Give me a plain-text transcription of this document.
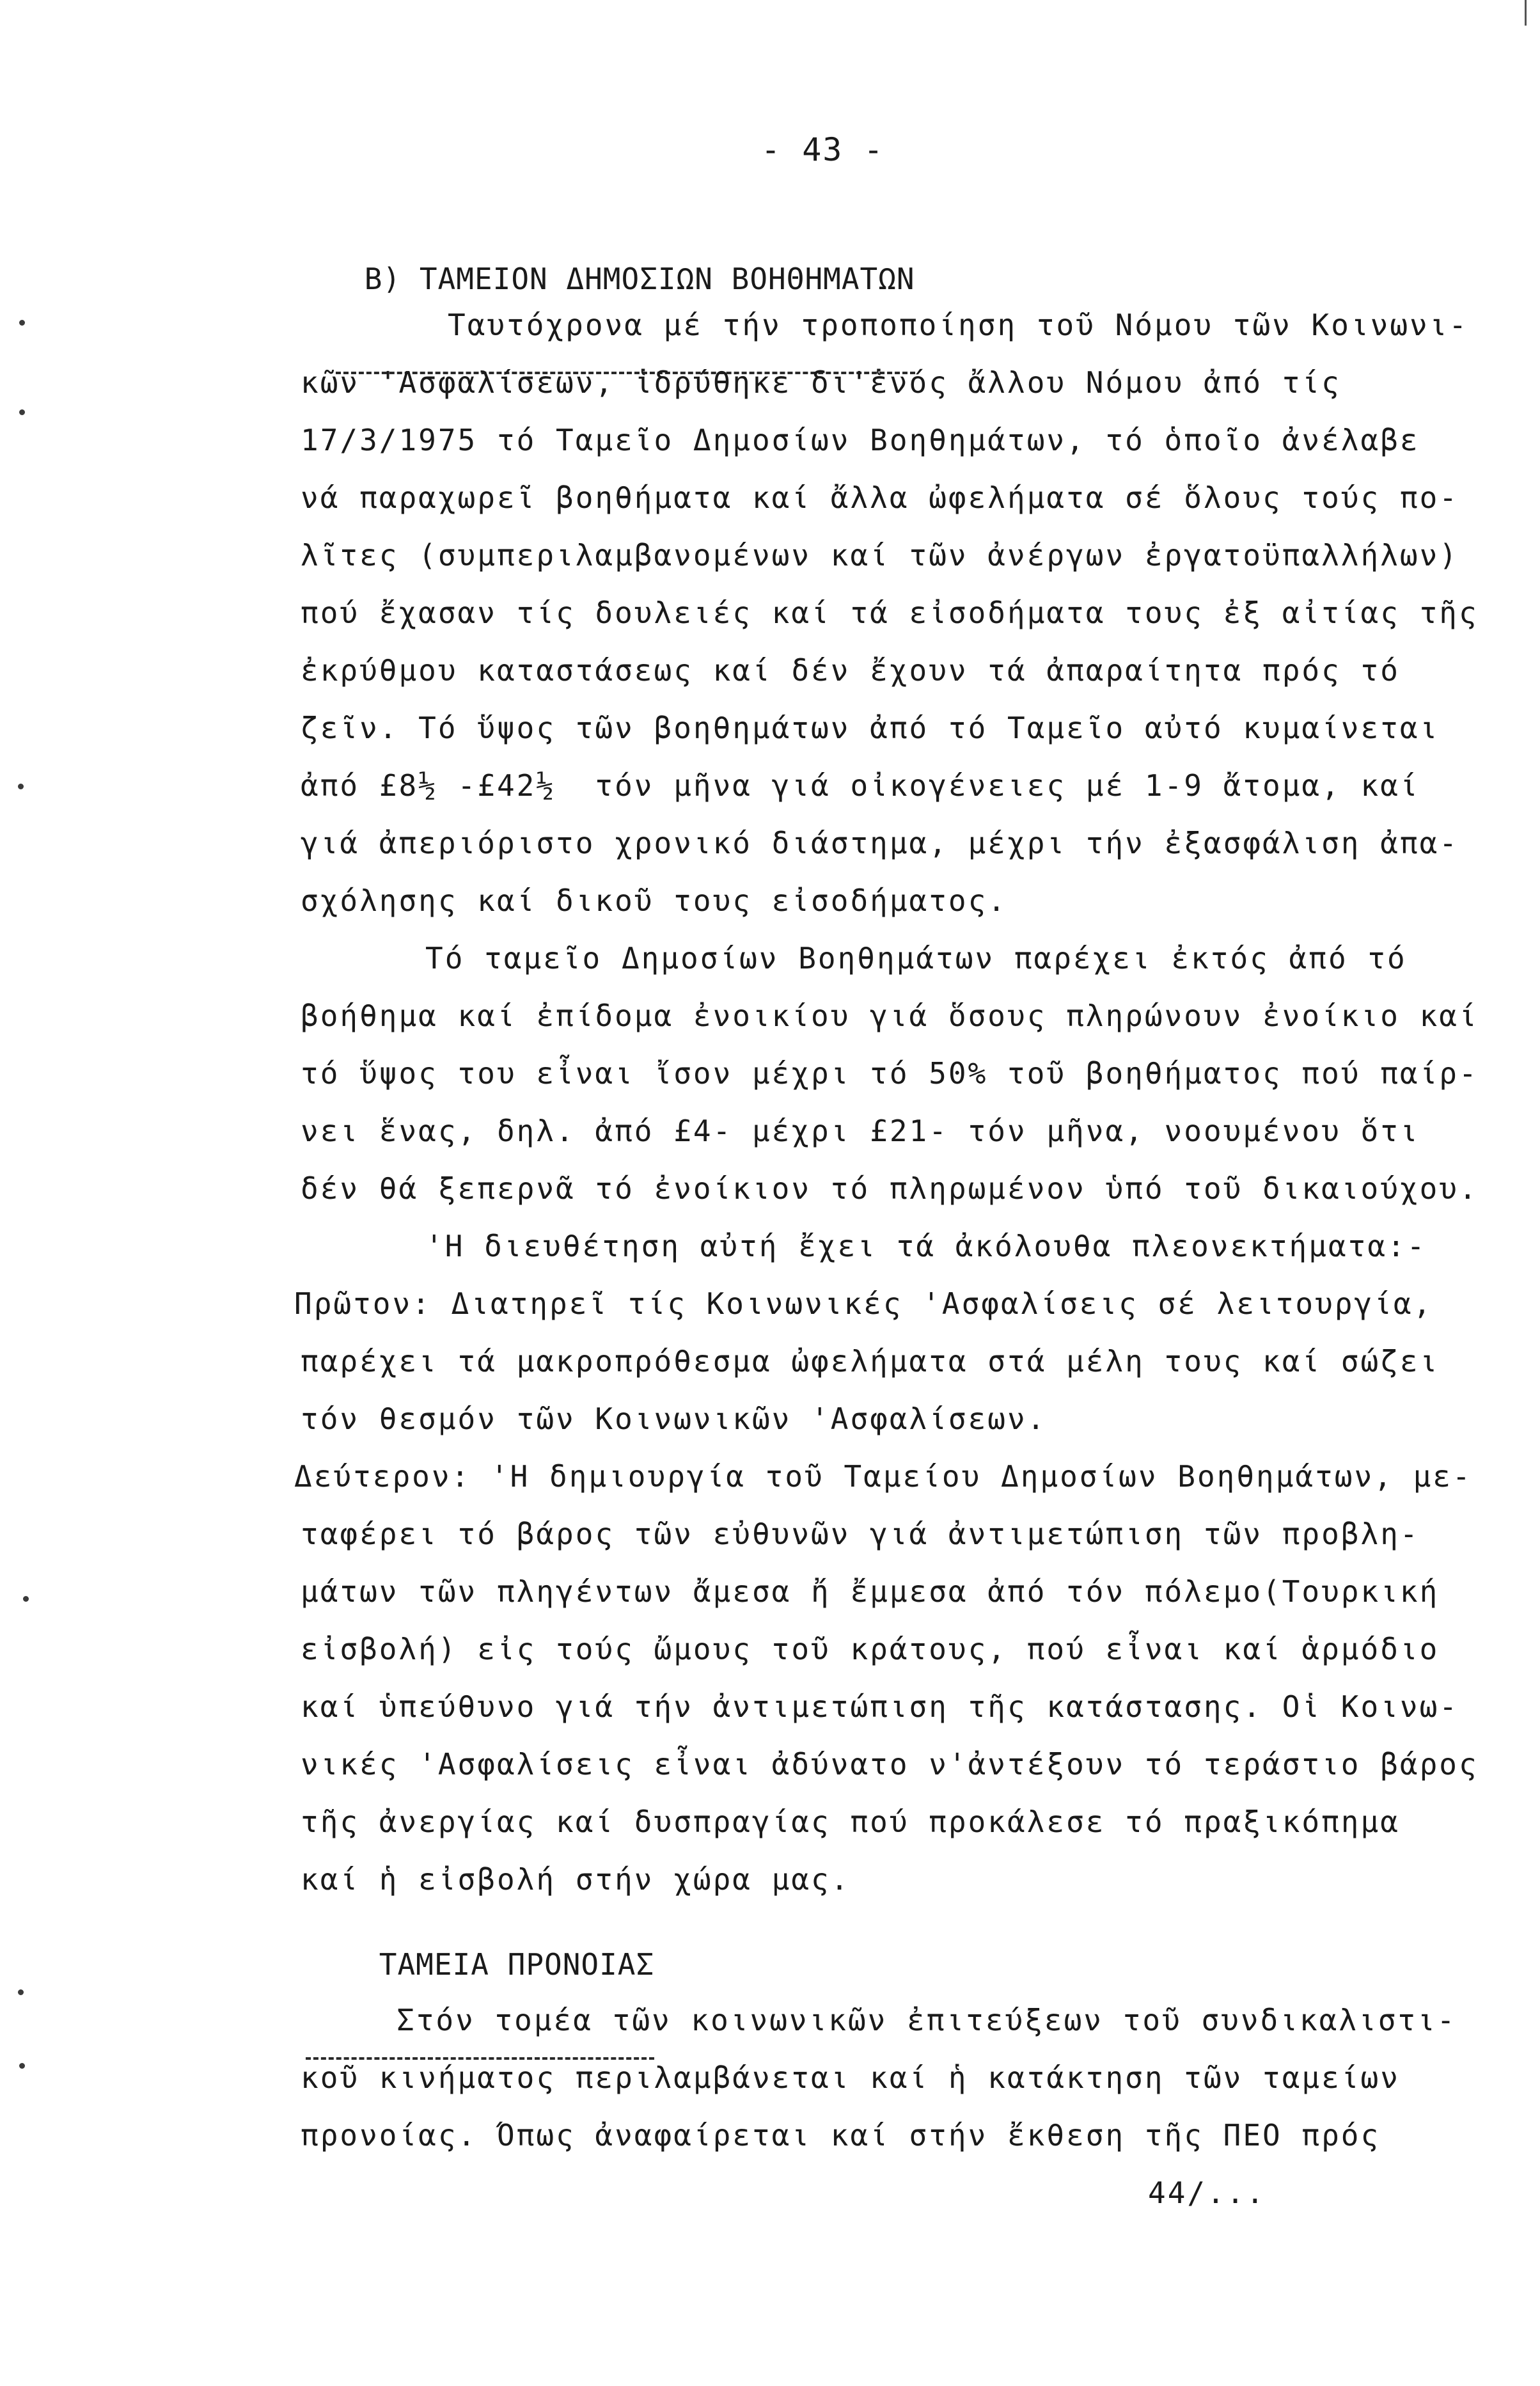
- 43 -

Β) ΤΑΜΕΙΟΝ ΔΗΜΟΣΙΩΝ ΒΟΗΘΗΜΑΤΩΝ

Ταυτόχρονα μέ τήν τροποποίηση τοῦ Νόμου τῶν Κοινωνι-
κῶν 'Ασφαλίσεων, ἱδρύθηκε δι'ἑνός ἄλλου Νόμου ἀπό τίς
17/3/1975 τό Ταμεῖο Δημοσίων Βοηθημάτων, τό ὁποῖο ἀνέλαβε
νά παραχωρεῖ βοηθήματα καί ἄλλα ὠφελήματα σέ ὅλους τούς πο-
λῖτες (συμπεριλαμβανομένων καί τῶν ἀνέργων ἐργατοϋπαλλήλων)
πού ἔχασαν τίς δουλειές καί τά εἰσοδήματα τους ἐξ αἰτίας τῆς
ἐκρύθμου καταστάσεως καί δέν ἔχουν τά ἀπαραίτητα πρός τό
ζεῖν. Τό ὕψος τῶν βοηθημάτων ἀπό τό Ταμεῖο αὐτό κυμαίνεται
ἀπό £8½ -£42½  τόν μῆνα γιά οἰκογένειες μέ 1-9 ἄτομα, καί
γιά ἀπεριόριστο χρονικό διάστημα, μέχρι τήν ἐξασφάλιση ἀπα-
σχόλησης καί δικοῦ τους εἰσοδήματος.
Τό ταμεῖο Δημοσίων Βοηθημάτων παρέχει ἐκτός ἀπό τό
βοήθημα καί ἐπίδομα ἐνοικίου γιά ὅσους πληρώνουν ἐνοίκιο καί
τό ὕψος του εἶναι ἴσον μέχρι τό 50% τοῦ βοηθήματος πού παίρ-
νει ἕνας, δηλ. ἀπό £4- μέχρι £21- τόν μῆνα, νοουμένου ὅτι
δέν θά ξεπερνᾶ τό ἐνοίκιον τό πληρωμένον ὑπό τοῦ δικαιούχου.
'Η διευθέτηση αὐτή ἔχει τά ἀκόλουθα πλεονεκτήματα:-
Πρῶτον: Διατηρεῖ τίς Κοινωνικές 'Ασφαλίσεις σέ λειτουργία,
παρέχει τά μακροπρόθεσμα ὠφελήματα στά μέλη τους καί σώζει
τόν θεσμόν τῶν Κοινωνικῶν 'Ασφαλίσεων.
Δεύτερον: 'Η δημιουργία τοῦ Ταμείου Δημοσίων Βοηθημάτων, με-
ταφέρει τό βάρος τῶν εὐθυνῶν γιά ἀντιμετώπιση τῶν προβλη-
μάτων τῶν πληγέντων ἄμεσα ἤ ἔμμεσα ἀπό τόν πόλεμο(Τουρκική
εἰσβολή) εἰς τούς ὤμους τοῦ κράτους, πού εἶναι καί ἁρμόδιο
καί ὑπεύθυνο γιά τήν ἀντιμετώπιση τῆς κατάστασης. Οἱ Κοινω-
νικές 'Ασφαλίσεις εἶναι ἀδύνατο ν'ἀντέξουν τό τεράστιο βάρος
τῆς ἀνεργίας καί δυσπραγίας πού προκάλεσε τό πραξικόπημα
καί ἡ εἰσβολή στήν χώρα μας.

ΤΑΜΕΙΑ ΠΡΟΝΟΙΑΣ

Στόν τομέα τῶν κοινωνικῶν ἐπιτεύξεων τοῦ συνδικαλιστι-
κοῦ κινήματος περιλαμβάνεται καί ἡ κατάκτηση τῶν ταμείων
προνοίας. Όπως ἀναφαίρεται καί στήν ἔκθεση τῆς ΠΕΟ πρός
44/...
